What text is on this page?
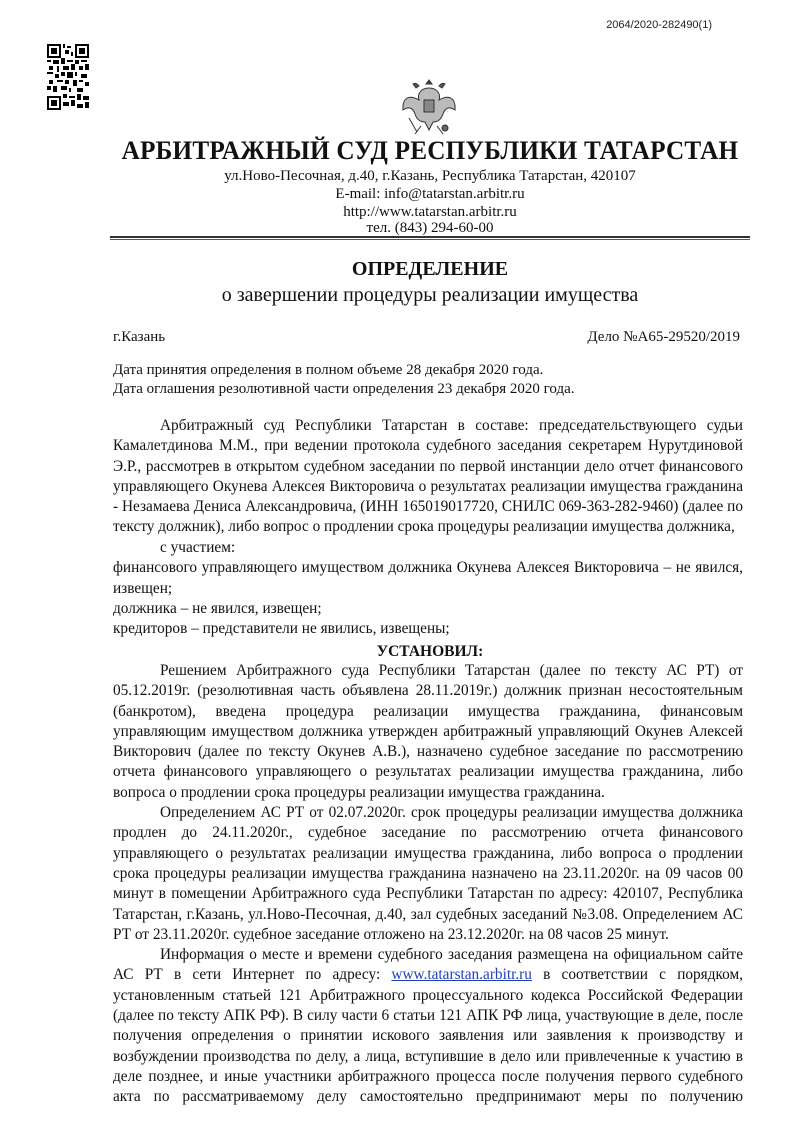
2064/2020-282490(1)
АРБИТРАЖНЫЙ СУД РЕСПУБЛИКИ ТАТАРСТАН
ул.Ново-Песочная, д.40, г.Казань, Республика Татарстан, 420107
E-mail: info@tatarstan.arbitr.ru
http://www.tatarstan.arbitr.ru
тел. (843) 294-60-00
ОПРЕДЕЛЕНИЕ
о завершении процедуры реализации имущества
г.Казань	Дело №А65-29520/2019
Дата принятия определения в полном объеме 28 декабря 2020 года.
Дата оглашения резолютивной части определения 23 декабря 2020 года.

Арбитражный суд Республики Татарстан в составе: председательствующего судьи Камалетдинова М.М., при ведении протокола судебного заседания секретарем Нурутдиновой Э.Р., рассмотрев в открытом судебном заседании по первой инстанции дело отчет финансового управляющего Окунева Алексея Викторовича о результатах реализации имущества гражданина - Незамаева Дениса Александровича, (ИНН 165019017720, СНИЛС 069-363-282-9460) (далее по тексту должник), либо вопрос о продлении срока процедуры реализации имущества должника,

с участием:

финансового управляющего имуществом должника Окунева Алексея Викторовича – не явился, извещен;

должника – не явился, извещен;

кредиторов – представители не явились, извещены;

УСТАНОВИЛ:

Решением Арбитражного суда Республики Татарстан (далее по тексту АС РТ) от 05.12.2019г. (резолютивная часть объявлена 28.11.2019г.) должник признан несостоятельным (банкротом), введена процедура реализации имущества гражданина, финансовым управляющим имуществом должника утвержден арбитражный управляющий Окунев Алексей Викторович (далее по тексту Окунев А.В.), назначено судебное заседание по рассмотрению отчета финансового управляющего о результатах реализации имущества гражданина, либо вопроса о продлении срока процедуры реализации имущества гражданина.

Определением АС РТ от 02.07.2020г. срок процедуры реализации имущества должника продлен до 24.11.2020г., судебное заседание по рассмотрению отчета финансового управляющего о результатах реализации имущества гражданина, либо вопроса о продлении срока процедуры реализации имущества гражданина назначено на 23.11.2020г. на 09 часов 00 минут в помещении Арбитражного суда Республики Татарстан по адресу: 420107, Республика Татарстан, г.Казань, ул.Ново-Песочная, д.40, зал судебных заседаний №3.08. Определением АС РТ от 23.11.2020г. судебное заседание отложено на 23.12.2020г. на 08 часов 25 минут.

Информация о месте и времени судебного заседания размещена на официальном сайте АС РТ в сети Интернет по адресу: www.tatarstan.arbitr.ru в соответствии с порядком, установленным статьей 121 Арбитражного процессуального кодекса Российской Федерации (далее по тексту АПК РФ). В силу части 6 статьи 121 АПК РФ лица, участвующие в деле, после получения определения о принятии искового заявления или заявления к производству и возбуждении производства по делу, а лица, вступившие в дело или привлеченные к участию в деле позднее, и иные участники арбитражного процесса после получения первого судебного акта по рассматриваемому делу самостоятельно предпринимают меры по получению
